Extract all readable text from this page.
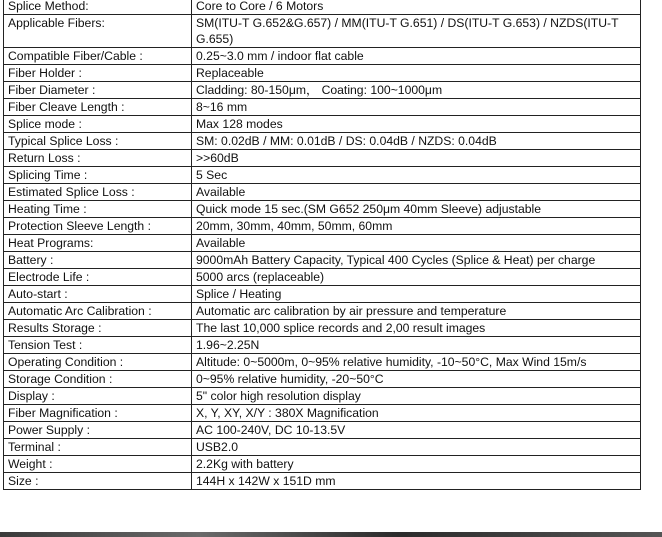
Splice Method:	Core to Core / 6 Motors
Applicable Fibers:	SM(ITU-T G.652&G.657) / MM(ITU-T G.651) / DS(ITU-T G.653) / NZDS(ITU-T G.655)
Compatible Fiber/Cable :	0.25~3.0 mm / indoor flat cable
Fiber Holder :	Replaceable
Fiber Diameter :	Cladding: 80-150μm， Coating: 100~1000μm
Fiber Cleave Length :	8~16 mm
Splice mode :	Max 128 modes
Typical Splice Loss :	SM: 0.02dB / MM: 0.01dB / DS: 0.04dB / NZDS: 0.04dB
Return Loss :	>>60dB
Splicing Time :	5 Sec
Estimated Splice Loss :	Available
Heating Time :	Quick mode 15 sec.(SM G652 250μm 40mm Sleeve) adjustable
Protection Sleeve Length :	20mm, 30mm, 40mm, 50mm, 60mm
Heat Programs:	Available
Battery :	9000mAh Battery Capacity, Typical 400 Cycles (Splice & Heat) per charge
Electrode Life :	5000 arcs (replaceable)
Auto-start :	Splice / Heating
Automatic Arc Calibration :	Automatic arc calibration by air pressure and temperature
Results Storage :	The last 10,000 splice records and 2,00 result images
Tension Test :	1.96~2.25N
Operating Condition :	Altitude: 0~5000m, 0~95% relative humidity, -10~50°C, Max Wind 15m/s
Storage Condition :	0~95% relative humidity, -20~50°C
Display :	5" color high resolution display
Fiber Magnification :	X, Y, XY, X/Y : 380X Magnification
Power Supply :	AC 100-240V, DC 10-13.5V
Terminal :	USB2.0
Weight :	2.2Kg with battery
Size :	144H x 142W x 151D mm
